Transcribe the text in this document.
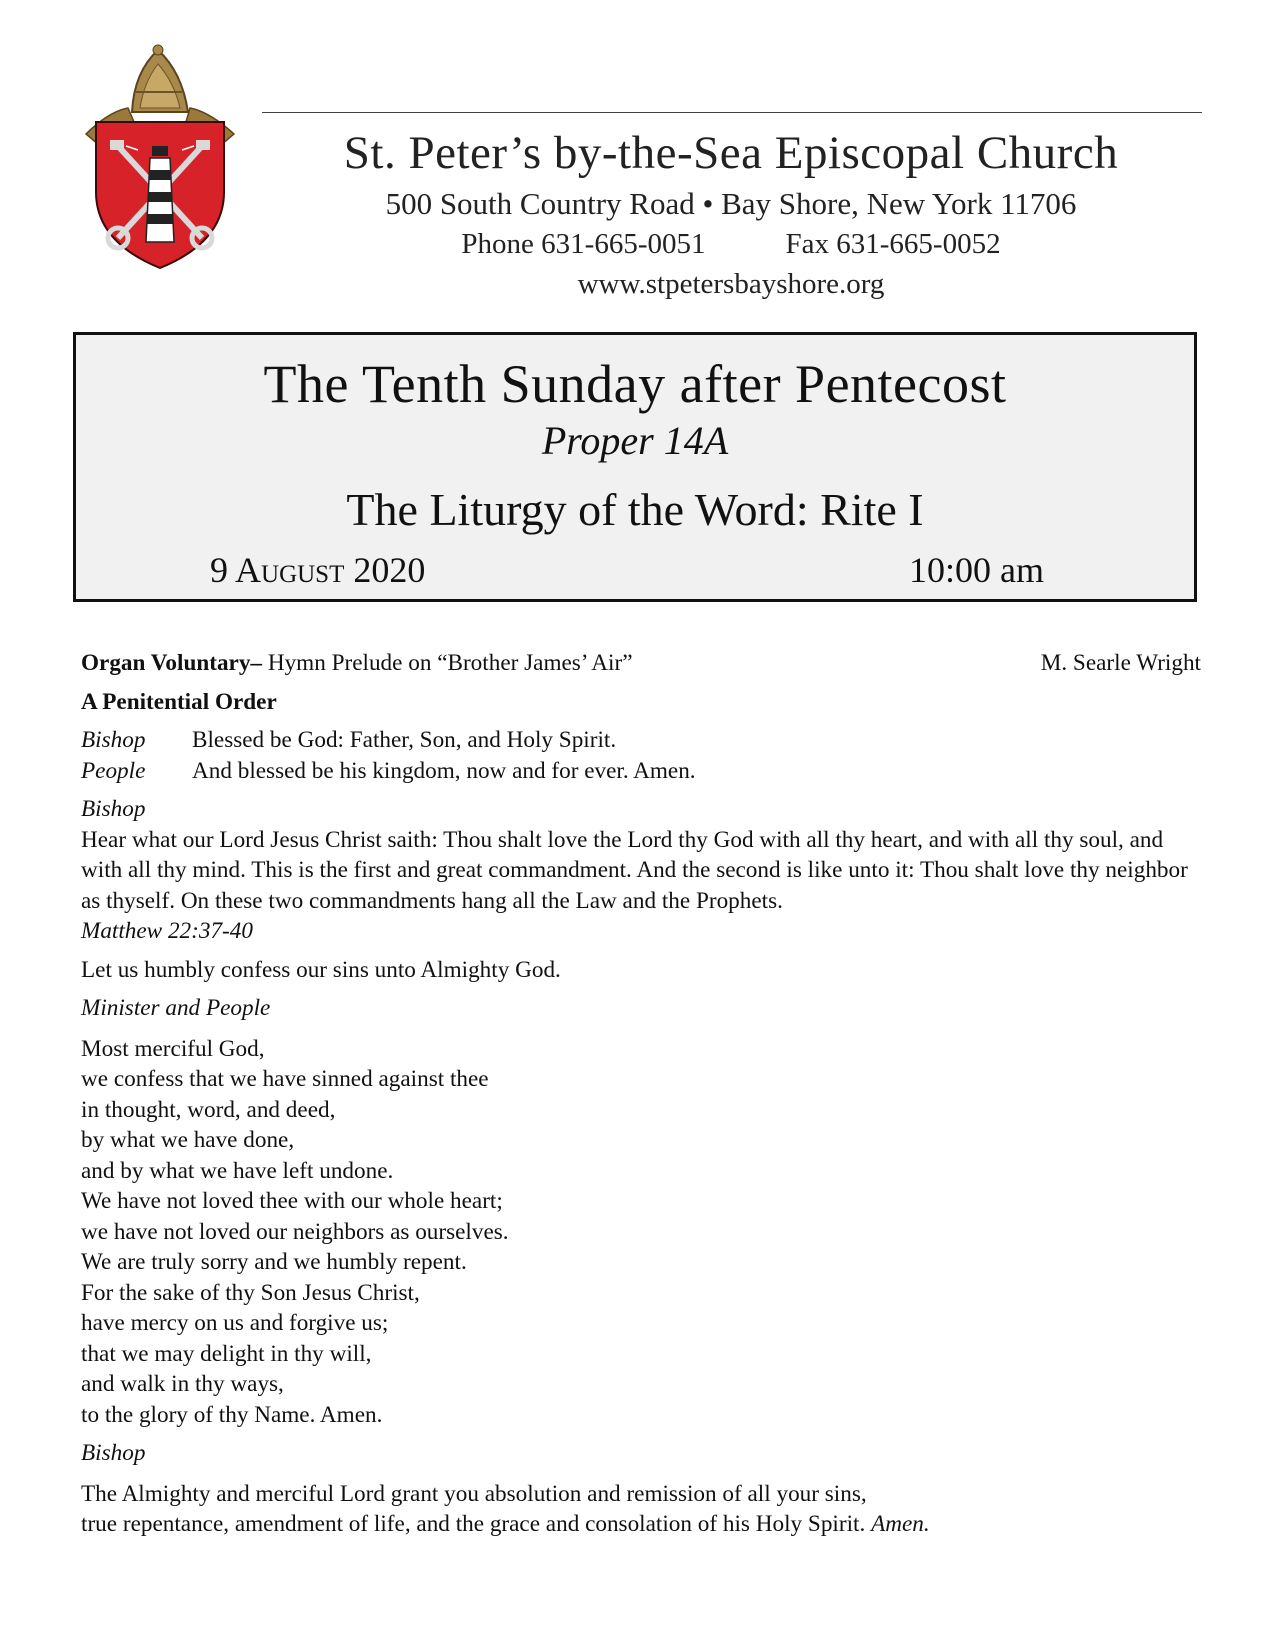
St. Peter’s by-the-Sea Episcopal Church
500 South Country Road • Bay Shore, New York 11706
Phone 631-665-0051	Fax 631-665-0052
www.stpetersbayshore.org
The Tenth Sunday after Pentecost
Proper 14A
The Liturgy of the Word: Rite I
9 August 2020	10:00 am
Organ Voluntary– Hymn Prelude on “Brother James’ Air”	M. Searle Wright

A Penitential Order

Bishop	Blessed be God: Father, Son, and Holy Spirit.
People	And blessed be his kingdom, now and for ever. Amen.

Bishop

Hear what our Lord Jesus Christ saith: Thou shalt love the Lord thy God with all thy heart, and with all thy soul, and with all thy mind. This is the first and great commandment. And the second is like unto it: Thou shalt love thy neighbor as thyself. On these two commandments hang all the Law and the Prophets.

Matthew 22:37-40

Let us humbly confess our sins unto Almighty God.

Minister and People

Most merciful God,
we confess that we have sinned against thee
in thought, word, and deed,
by what we have done,
and by what we have left undone.
We have not loved thee with our whole heart;
we have not loved our neighbors as ourselves.
We are truly sorry and we humbly repent.
For the sake of thy Son Jesus Christ,
have mercy on us and forgive us;
that we may delight in thy will,
and walk in thy ways,
to the glory of thy Name. Amen.

Bishop

The Almighty and merciful Lord grant you absolution and remission of all your sins,
true repentance, amendment of life, and the grace and consolation of his Holy Spirit. Amen.
